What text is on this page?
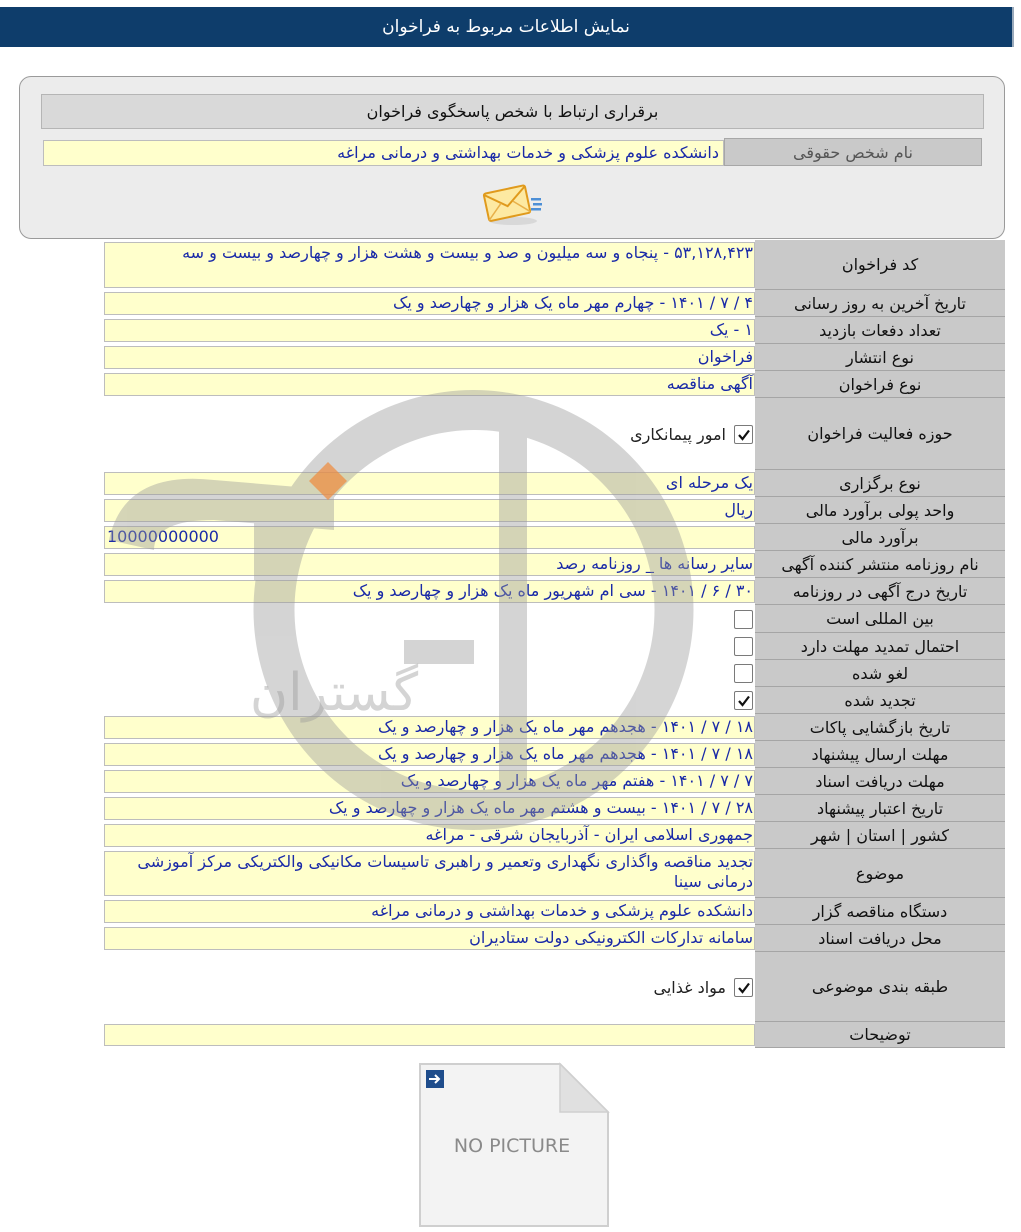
نمایش اطلاعات مربوط به فراخوان
برقراری ارتباط با شخص پاسخگوی فراخوان
نام شخص حقوقی
دانشکده علوم پزشکی و خدمات بهداشتی و درمانی مراغه
کد فراخوان
۵۳,۱۲۸,۴۲۳ - پنجاه و سه میلیون و صد و بیست و هشت هزار و چهارصد و بیست و سه
تاریخ آخرین به روز رسانی
۴ / ۷ / ۱۴۰۱ - چهارم مهر ماه یک هزار و چهارصد و یک
تعداد دفعات بازدید
۱ - یک
نوع انتشار
فراخوان
نوع فراخوان
آگهی مناقصه
حوزه فعالیت فراخوان
امور پیمانکاری
نوع برگزاری
یک مرحله ای
واحد پولی برآورد مالی
ریال
برآورد مالی
10000000000
نام روزنامه منتشر کننده آگهی
سایر رسانه ها _ روزنامه رصد
تاریخ درج آگهی در روزنامه
۳۰ / ۶ / ۱۴۰۱ - سی ام شهریور ماه یک هزار و چهارصد و یک
بین المللی است
احتمال تمدید مهلت دارد
لغو شده
تجدید شده
تاریخ بازگشایی پاکات
۱۸ / ۷ / ۱۴۰۱ - هجدهم مهر ماه یک هزار و چهارصد و یک
مهلت ارسال پیشنهاد
۱۸ / ۷ / ۱۴۰۱ - هجدهم مهر ماه یک هزار و چهارصد و یک
مهلت دریافت اسناد
۷ / ۷ / ۱۴۰۱ - هفتم مهر ماه یک هزار و چهارصد و یک
تاریخ اعتبار پیشنهاد
۲۸ / ۷ / ۱۴۰۱ - بیست و هشتم مهر ماه یک هزار و چهارصد و یک
کشور | استان | شهر
جمهوری اسلامی ایران - آذربایجان شرقی - مراغه
موضوع
تجدید مناقصه واگذاری نگهداری وتعمیر و راهبری تاسیسات مکانیکی والکتریکی مرکز آموزشی درمانی سینا
دستگاه مناقصه گزار
دانشکده علوم پزشکی و خدمات بهداشتی و درمانی مراغه
محل دریافت اسناد
سامانه تدارکات الکترونیکی دولت ستادیران
طبقه بندی موضوعی
مواد غذایی
توضیحات
گستران
NO PICTURE
